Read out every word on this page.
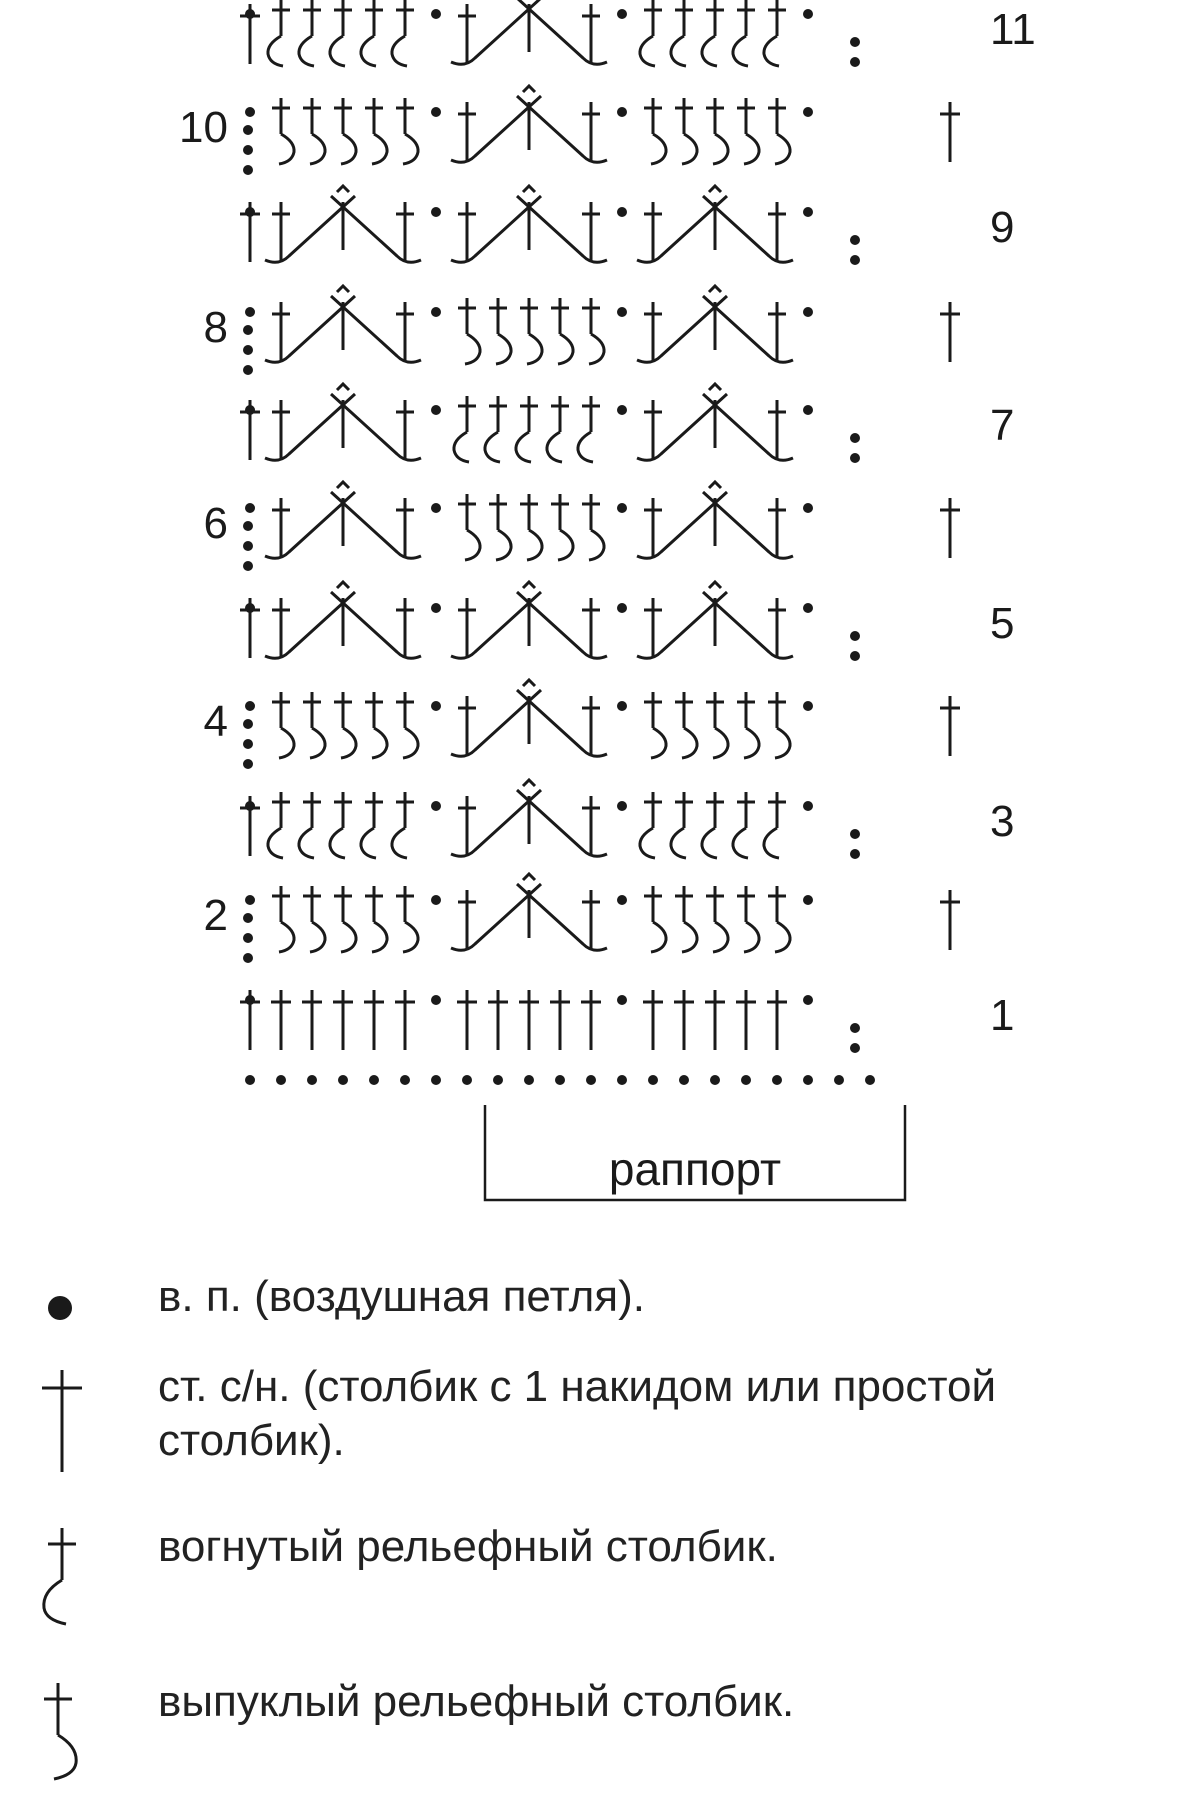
1
2
3
4
5
6
7
8
9
10
11
раппорт
в. п. (воздушная петля).
ст. с/н. (столбик с 1 накидом или простой столбик).
вогнутый рельефный столбик.
выпуклый рельефный столбик.
